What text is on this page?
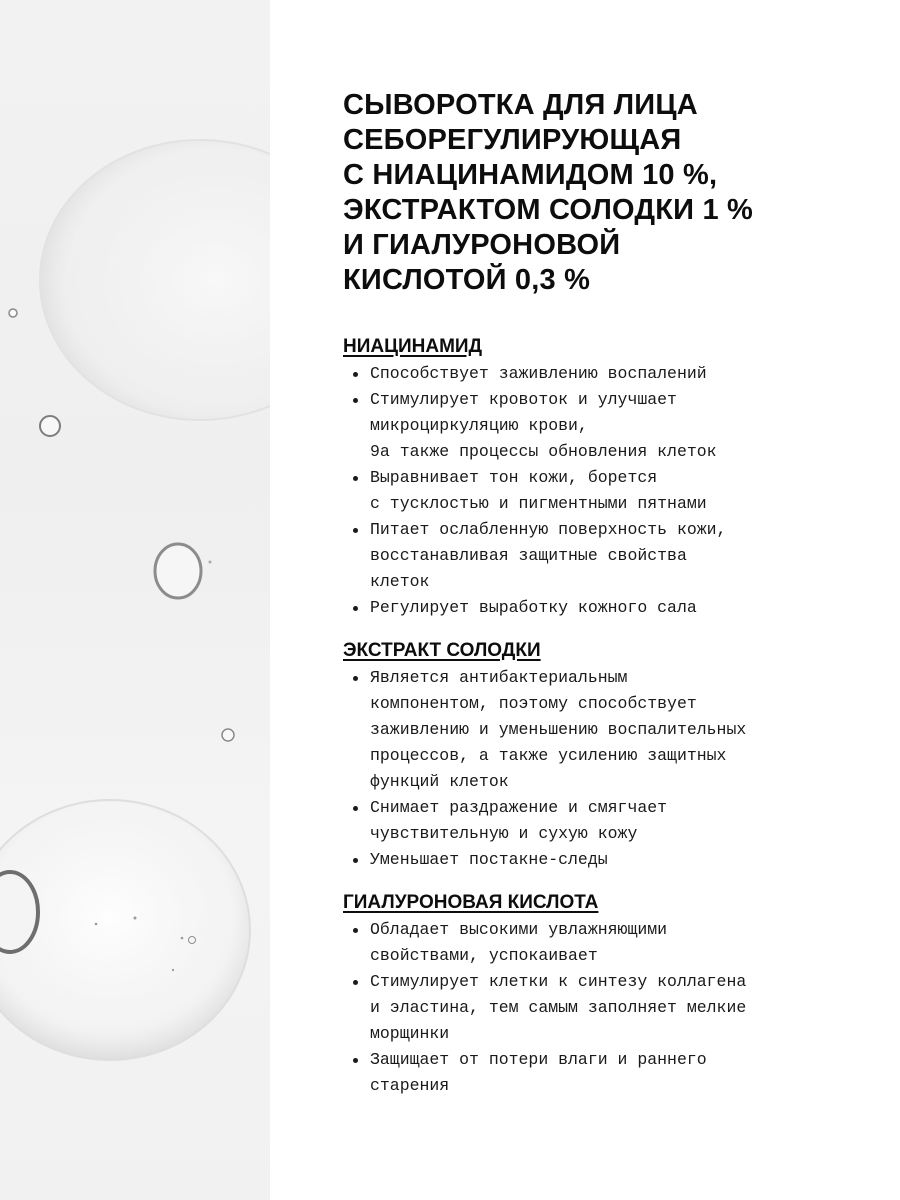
СЫВОРОТКА ДЛЯ ЛИЦА
СЕБОРЕГУЛИРУЮЩАЯ
С НИАЦИНАМИДОМ 10 %,
ЭКСТРАКТОМ СОЛОДКИ 1 %
И ГИАЛУРОНОВОЙ
КИСЛОТОЙ 0,3 %
НИАЦИНАМИД
Способствует заживлению воспалений
Стимулирует кровоток и улучшает
микроциркуляцию крови,
9а также процессы обновления клеток
Выравнивает тон кожи, борется
с тусклостью и пигментными пятнами
Питает ослабленную поверхность кожи,
восстанавливая защитные свойства
клеток
Регулирует выработку кожного сала
ЭКСТРАКТ СОЛОДКИ
Является антибактериальным
компонентом, поэтому способствует
заживлению и уменьшению воспалительных
процессов, а также усилению защитных
функций клеток
Снимает раздражение и смягчает
чувствительную и сухую кожу
Уменьшает постакне-следы
ГИАЛУРОНОВАЯ КИСЛОТА
Обладает высокими увлажняющими
свойствами, успокаивает
Стимулирует клетки к синтезу коллагена
и эластина, тем самым заполняет мелкие
морщинки
Защищает от потери влаги и раннего
старения
